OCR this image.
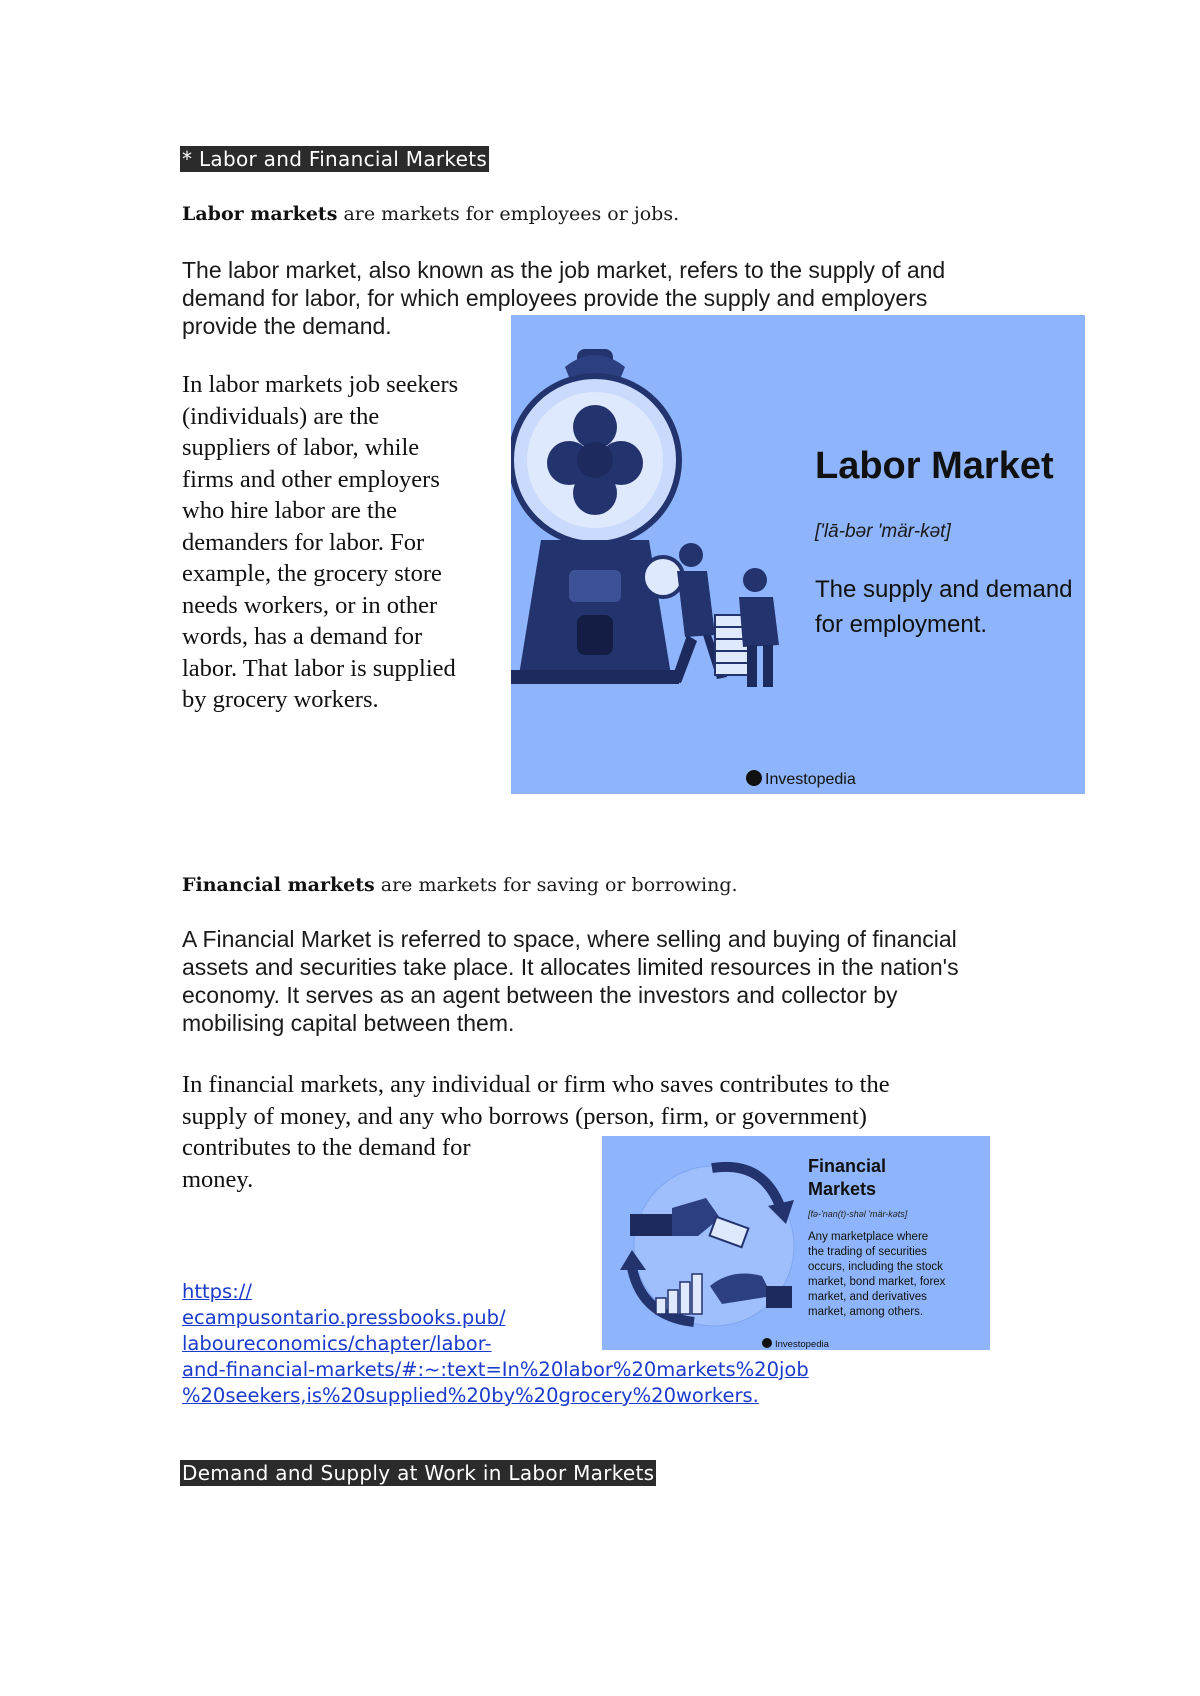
* Labor and Financial Markets
Labor markets are markets for employees or jobs.
The labor market, also known as the job market, refers to the supply of and
demand for labor, for which employees provide the supply and employers
provide the demand.
In labor markets job seekers
(individuals) are the
suppliers of labor, while
firms and other employers
who hire labor are the
demanders for labor. For
example, the grocery store
needs workers, or in other
words, has a demand for
labor. That labor is supplied
by grocery workers.
Labor Market
['lā-bər 'mär-kət]
The supply and demand
for employment.
Investopedia
Financial markets are markets for saving or borrowing.
A Financial Market is referred to space, where selling and buying of financial
assets and securities take place. It allocates limited resources in the nation's
economy. It serves as an agent between the investors and collector by
mobilising capital between them.
In financial markets, any individual or firm who saves contributes to the
supply of money, and any who borrows (person, firm, or government)
contributes to the demand for
money.	Financial
Markets
[fə-'nan(t)-shəl 'mär-kəts]
Any marketplace where
the trading of securities
occurs, including the stock
market, bond market, forex
market, and derivatives
market, among others.
Investopedia
https://
ecampusontario.pressbooks.pub/
laboureconomics/chapter/labor-
and-financial-markets/#:~:text=In%20labor%20markets%20job
%20seekers,is%20supplied%20by%20grocery%20workers.
Demand and Supply at Work in Labor Markets
